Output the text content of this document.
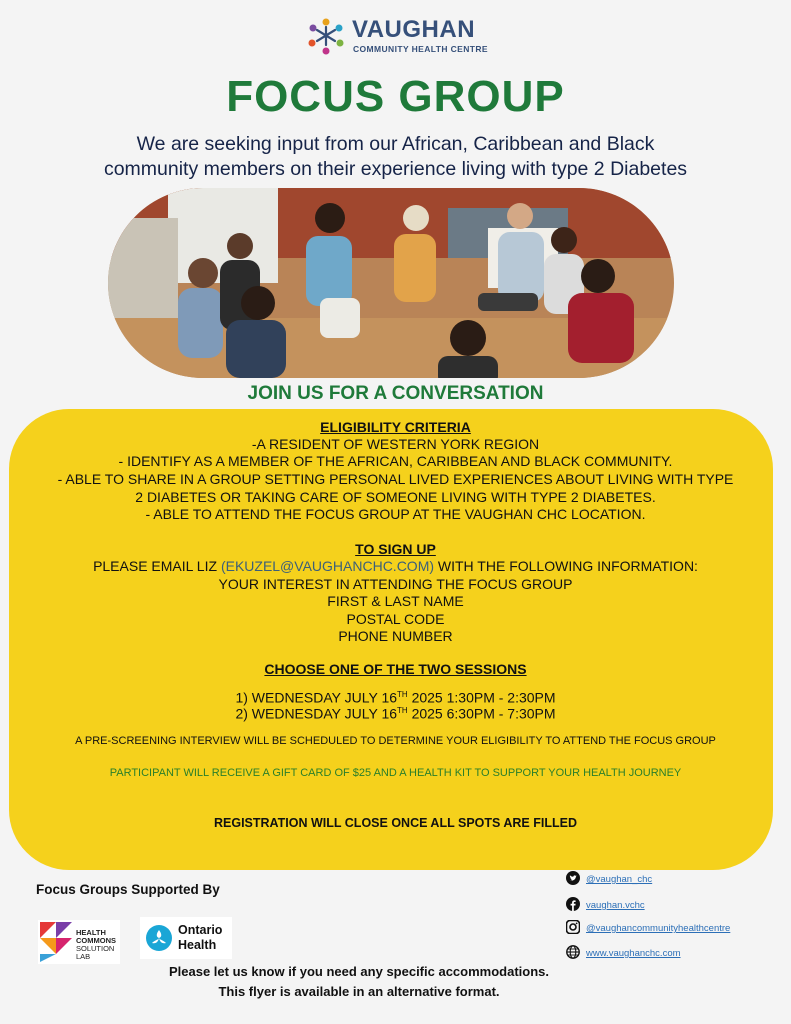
VAUGHAN
COMMUNITY HEALTH CENTRE
FOCUS GROUP
We are seeking input from our African, Caribbean and Black
community members on their experience living with type 2 Diabetes
JOIN US FOR A CONVERSATION
ELIGIBILITY CRITERIA
-A RESIDENT OF WESTERN YORK REGION
- IDENTIFY AS A MEMBER OF THE AFRICAN, CARIBBEAN AND BLACK COMMUNITY.
- ABLE TO SHARE IN A GROUP SETTING PERSONAL LIVED EXPERIENCES ABOUT LIVING WITH TYPE
2 DIABETES OR TAKING CARE OF SOMEONE LIVING WITH TYPE 2 DIABETES.
- ABLE TO ATTEND THE FOCUS GROUP AT THE VAUGHAN CHC LOCATION.
TO SIGN UP
PLEASE EMAIL LIZ (EKUZEL@VAUGHANCHC.COM) WITH THE FOLLOWING INFORMATION:
YOUR INTEREST IN ATTENDING THE FOCUS GROUP
FIRST & LAST NAME
POSTAL CODE
PHONE NUMBER
CHOOSE ONE OF THE TWO SESSIONS
1) WEDNESDAY JULY 16TH 2025 1:30PM - 2:30PM
2) WEDNESDAY JULY 16TH 2025 6:30PM - 7:30PM
A PRE-SCREENING INTERVIEW WILL BE SCHEDULED TO DETERMINE YOUR ELIGIBILITY TO ATTEND THE FOCUS GROUP
PARTICIPANT WILL RECEIVE A GIFT CARD OF $25 AND A HEALTH KIT TO SUPPORT YOUR HEALTH JOURNEY
REGISTRATION WILL CLOSE ONCE ALL SPOTS ARE FILLED
Focus Groups Supported By
HEALTH
COMMONS
SOLUTION
LAB
Ontario
Health
@vaughan_chc
vaughan.vchc
@vaughancommunityhealthcentre
www.vaughanchc.com
Please let us know if you need any specific accommodations.
This flyer is available in an alternative format.
